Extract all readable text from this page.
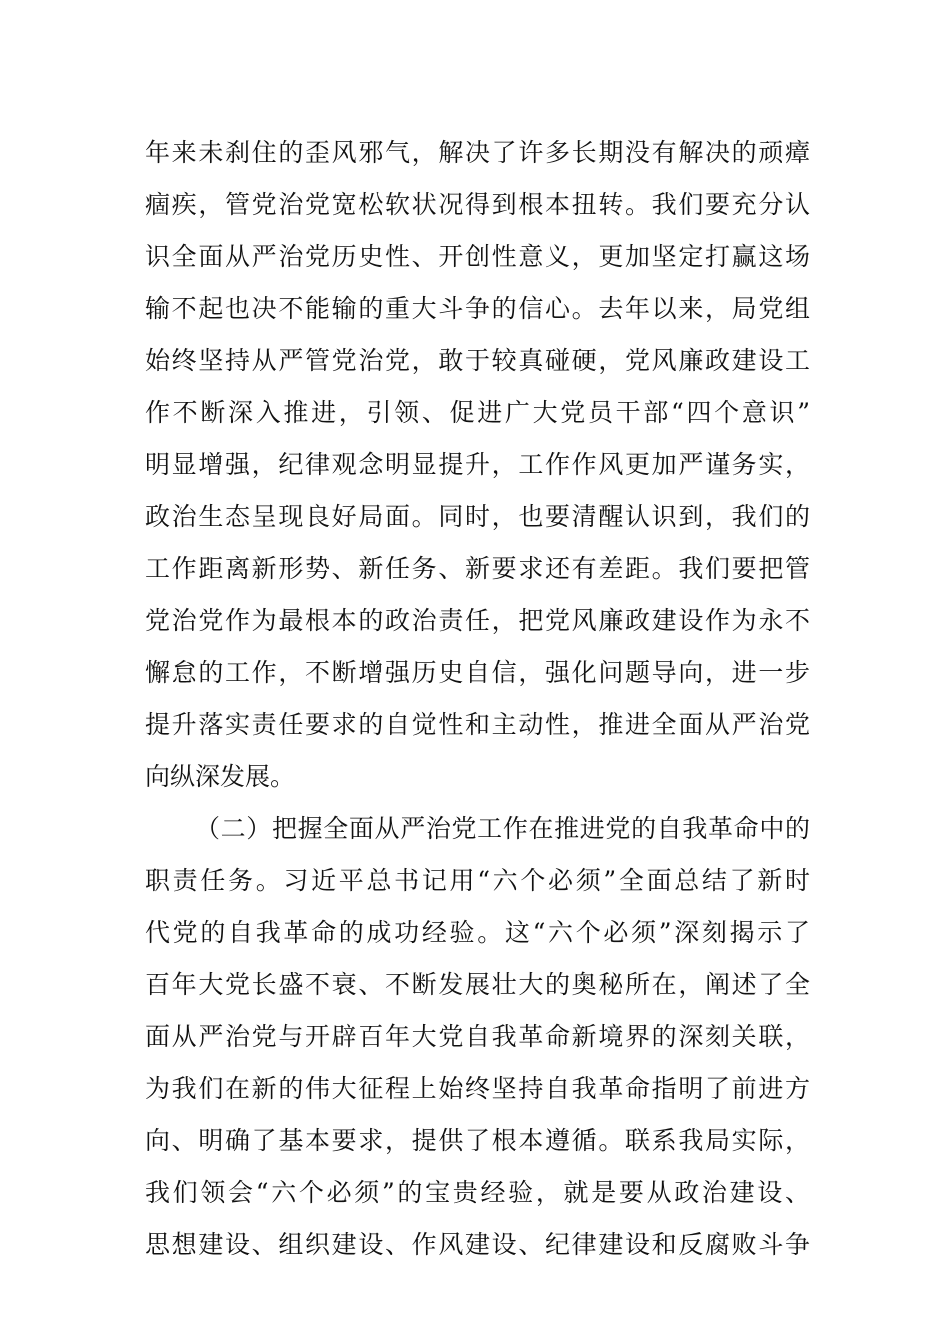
年来未刹住的歪风邪气，解决了许多长期没有解决的顽瘴
痼疾，管党治党宽松软状况得到根本扭转。我们要充分认
识全面从严治党历史性、开创性意义，更加坚定打赢这场
输不起也决不能输的重大斗争的信心。去年以来，局党组
始终坚持从严管党治党，敢于较真碰硬，党风廉政建设工
作不断深入推进，引领、促进广大党员干部“四个意识”
明显增强，纪律观念明显提升，工作作风更加严谨务实，
政治生态呈现良好局面。同时，也要清醒认识到，我们的
工作距离新形势、新任务、新要求还有差距。我们要把管
党治党作为最根本的政治责任，把党风廉政建设作为永不
懈怠的工作，不断增强历史自信，强化问题导向，进一步
提升落实责任要求的自觉性和主动性，推进全面从严治党
向纵深发展。
（二）把握全面从严治党工作在推进党的自我革命中的
职责任务。习近平总书记用“六个必须”全面总结了新时
代党的自我革命的成功经验。这“六个必须”深刻揭示了
百年大党长盛不衰、不断发展壮大的奥秘所在，阐述了全
面从严治党与开辟百年大党自我革命新境界的深刻关联，
为我们在新的伟大征程上始终坚持自我革命指明了前进方
向、明确了基本要求，提供了根本遵循。联系我局实际，
我们领会“六个必须”的宝贵经验，就是要从政治建设、
思想建设、组织建设、作风建设、纪律建设和反腐败斗争
